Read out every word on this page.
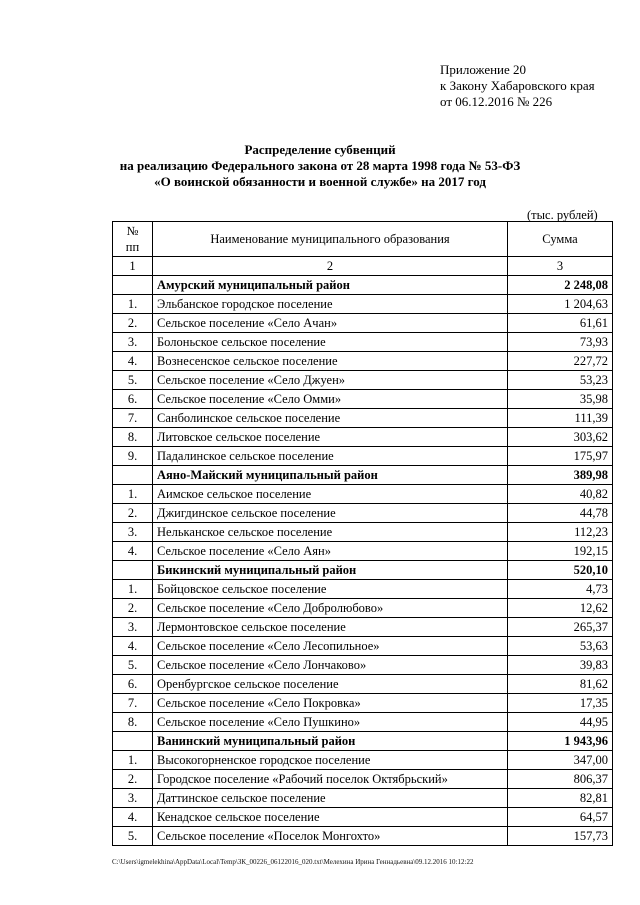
Приложение 20
к Закону Хабаровского края
от 06.12.2016 № 226
Распределение субвенций
на реализацию Федерального закона от 28 марта 1998 года № 53-ФЗ
«О воинской обязанности и военной службе» на 2017 год
(тыс. рублей)
№
пп	Наименование муниципального образования	Сумма
1	2	3
	Амурский муниципальный район	2 248,08
1.	Эльбанское городское поселение	1 204,63
2.	Сельское поселение «Село Ачан»	61,61
3.	Болоньское сельское поселение	73,93
4.	Вознесенское сельское поселение	227,72
5.	Сельское поселение «Село Джуен»	53,23
6.	Сельское поселение «Село Омми»	35,98
7.	Санболинское сельское поселение	111,39
8.	Литовское сельское поселение	303,62
9.	Падалинское сельское поселение	175,97
	Аяно-Майский муниципальный район	389,98
1.	Аимское сельское поселение	40,82
2.	Джигдинское сельское поселение	44,78
3.	Нельканское сельское поселение	112,23
4.	Сельское поселение «Село Аян»	192,15
	Бикинский муниципальный район	520,10
1.	Бойцовское сельское поселение	4,73
2.	Сельское поселение «Село Добролюбово»	12,62
3.	Лермонтовское сельское поселение	265,37
4.	Сельское поселение «Село Лесопильное»	53,63
5.	Сельское поселение «Село Лончаково»	39,83
6.	Оренбургское сельское поселение	81,62
7.	Сельское поселение «Село Покровка»	17,35
8.	Сельское поселение «Село Пушкино»	44,95
	Ванинский муниципальный район	1 943,96
1.	Высокогорненское городское поселение	347,00
2.	Городское поселение «Рабочий поселок Октябрьский»	806,37
3.	Даттинское сельское поселение	82,81
4.	Кенадское сельское поселение	64,57
5.	Сельское поселение «Поселок Монгохто»	157,73
C:\Users\igmelekhina\AppData\Local\Temp\ЗК_00226_06122016_020.txt\Мелехина Ирина Геннадьевна\09.12.2016 10:12:22
